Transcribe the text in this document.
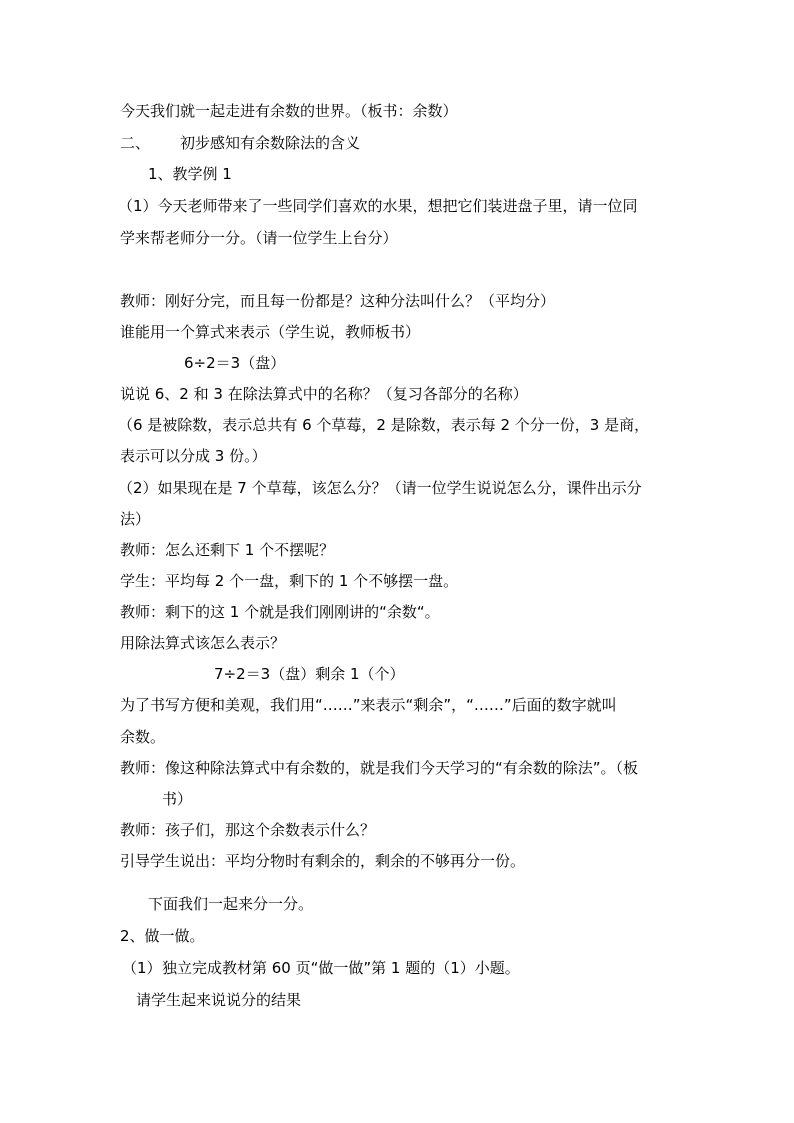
今天我们就一起走进有余数的世界。（板书：余数）

二、 初步感知有余数除法的含义

1、教学例 1

（1）今天老师带来了一些同学们喜欢的水果，想把它们装进盘子里，请一位同

学来帮老师分一分。（请一位学生上台分）

教师：刚好分完，而且每一份都是？这种分法叫什么？（平均分）

谁能用一个算式来表示（学生说，教师板书）

6÷2＝3（盘）

说说 6、2 和 3 在除法算式中的名称？（复习各部分的名称）

（6 是被除数，表示总共有 6 个草莓，2 是除数，表示每 2 个分一份，3 是商，

表示可以分成 3 份。）

（2）如果现在是 7 个草莓，该怎么分？（请一位学生说说怎么分，课件出示分

法）

教师：怎么还剩下 1 个不摆呢？

学生：平均每 2 个一盘，剩下的 1 个不够摆一盘。

教师：剩下的这 1 个就是我们刚刚讲的“余数“。

用除法算式该怎么表示？

7÷2＝3（盘）剩余 1（个）

为了书写方便和美观，我们用“……”来表示“剩余”，“……”后面的数字就叫

余数。

教师：像这种除法算式中有余数的，就是我们今天学习的“有余数的除法”。（板

书）

教师：孩子们，那这个余数表示什么？

引导学生说出：平均分物时有剩余的，剩余的不够再分一份。

下面我们一起来分一分。

2、做一做。

（1）独立完成教材第 60 页“做一做”第 1 题的（1）小题。

请学生起来说说分的结果
